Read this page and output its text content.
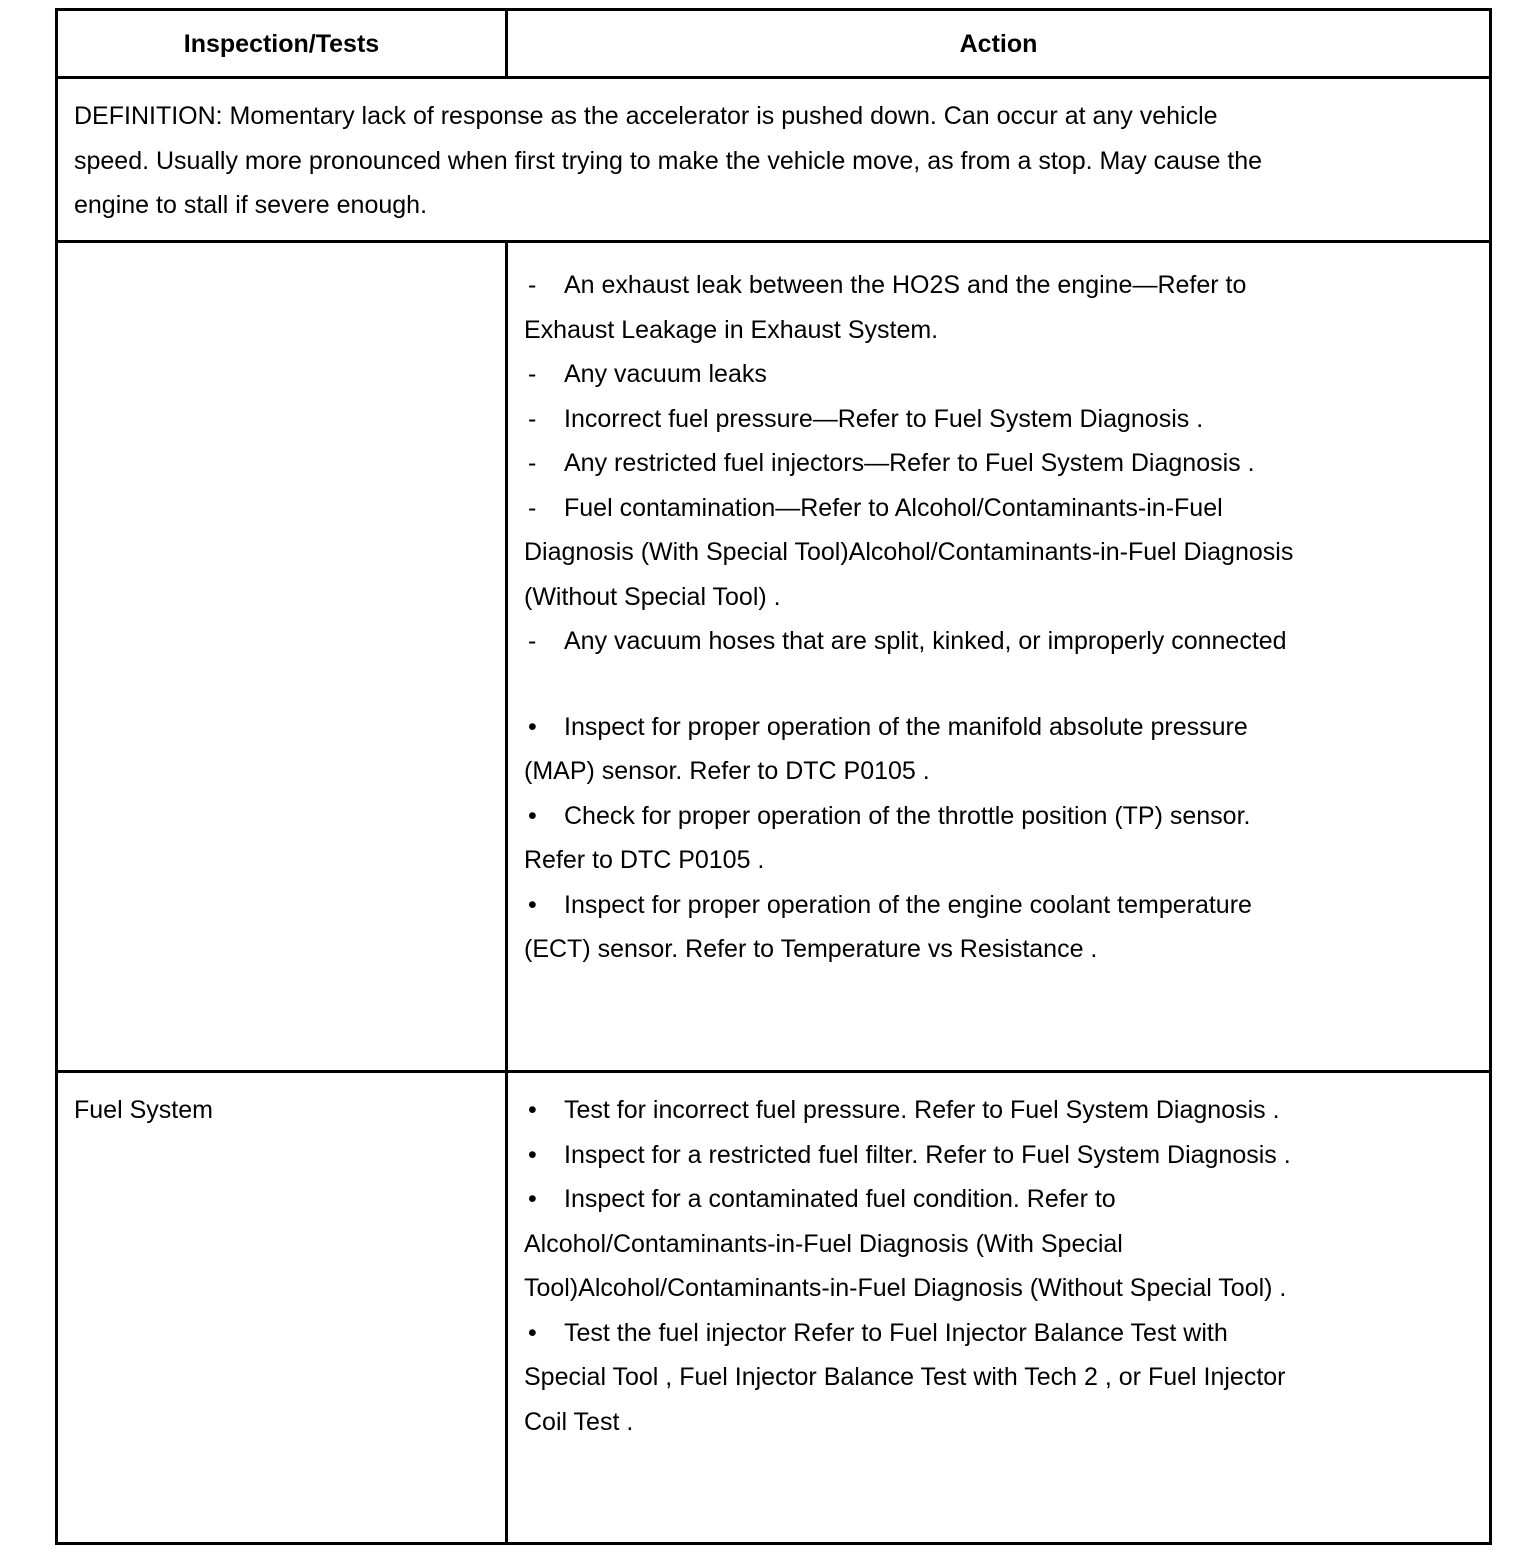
Inspection/Tests	Action
DEFINITION: Momentary lack of response as the accelerator is pushed down. Can occur at any vehicle
speed. Usually more pronounced when first trying to make the vehicle move, as from a stop. May cause the
engine to stall if severe enough.
- An exhaust leak between the HO2S and the engine—Refer to
Exhaust Leakage in Exhaust System.
- Any vacuum leaks
- Incorrect fuel pressure—Refer to Fuel System Diagnosis .
- Any restricted fuel injectors—Refer to Fuel System Diagnosis .
- Fuel contamination—Refer to Alcohol/Contaminants-in-Fuel
Diagnosis (With Special Tool)Alcohol/Contaminants-in-Fuel Diagnosis
(Without Special Tool) .
- Any vacuum hoses that are split, kinked, or improperly connected
• Inspect for proper operation of the manifold absolute pressure
(MAP) sensor. Refer to DTC P0105 .
• Check for proper operation of the throttle position (TP) sensor.
Refer to DTC P0105 .
• Inspect for proper operation of the engine coolant temperature
(ECT) sensor. Refer to Temperature vs Resistance .
Fuel System	• Test for incorrect fuel pressure. Refer to Fuel System Diagnosis .
• Inspect for a restricted fuel filter. Refer to Fuel System Diagnosis .
• Inspect for a contaminated fuel condition. Refer to
Alcohol/Contaminants-in-Fuel Diagnosis (With Special
Tool)Alcohol/Contaminants-in-Fuel Diagnosis (Without Special Tool) .
• Test the fuel injector Refer to Fuel Injector Balance Test with
Special Tool , Fuel Injector Balance Test with Tech 2 , or Fuel Injector
Coil Test .
